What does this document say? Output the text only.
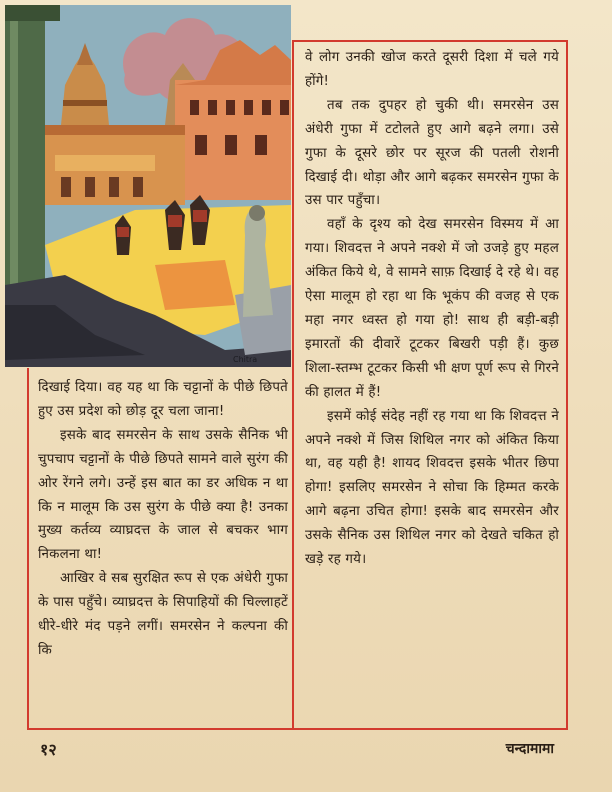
Chitra

वे लोग उनकी खोज करते दूसरी दिशा में चले गये होंगे!

तब तक दुपहर हो चुकी थी। समरसेन उस अंधेरी गुफा में टटोलते हुए आगे बढ़ने लगा। उसे गुफा के दूसरे छोर पर सूरज की पतली रोशनी दिखाई दी। थोड़ा और आगे बढ़कर समरसेन गुफा के उस पार पहुँचा।

वहाँ के दृश्य को देख समरसेन विस्मय में आ गया। शिवदत्त ने अपने नक्शे में जो उजड़े हुए महल अंकित किये थे, वे सामने साफ़ दिखाई दे रहे थे। वह ऐसा मालूम हो रहा था कि भूकंप की वजह से एक महा नगर ध्वस्त हो गया हो! साथ ही बड़ी-बड़ी इमारतों की दीवारें टूटकर बिखरी पड़ी हैं। कुछ शिला-स्तम्भ टूटकर किसी भी क्षण पूर्ण रूप से गिरने की हालत में हैं!

इसमें कोई संदेह नहीं रह गया था कि शिवदत्त ने अपने नक्शे में जिस शिथिल नगर को अंकित किया था, वह यही है! शायद शिवदत्त इसके भीतर छिपा होगा! इसलिए समरसेन ने सोचा कि हिम्मत करके आगे बढ़ना उचित होगा! इसके बाद समरसेन और उसके सैनिक उस शिथिल नगर को देखते चकित हो खड़े रह गये।

दिखाई दिया। वह यह था कि चट्टानों के पीछे छिपते हुए उस प्रदेश को छोड़ दूर चला जाना!

इसके बाद समरसेन के साथ उसके सैनिक भी चुपचाप चट्टानों के पीछे छिपते सामने वाले सुरंग की ओर रेंगने लगे। उन्हें इस बात का डर अधिक न था कि न मालूम कि उस सुरंग के पीछे क्या है! उनका मुख्य कर्तव्य व्याघ्रदत्त के जाल से बचकर भाग निकलना था!

आखिर वे सब सुरक्षित रूप से एक अंधेरी गुफा के पास पहुँचे। व्याघ्रदत्त के सिपाहियों की चिल्लाहटें धीरे-धीरे मंद पड़ने लगीं। समरसेन ने कल्पना की कि

१२	चन्दामामा
